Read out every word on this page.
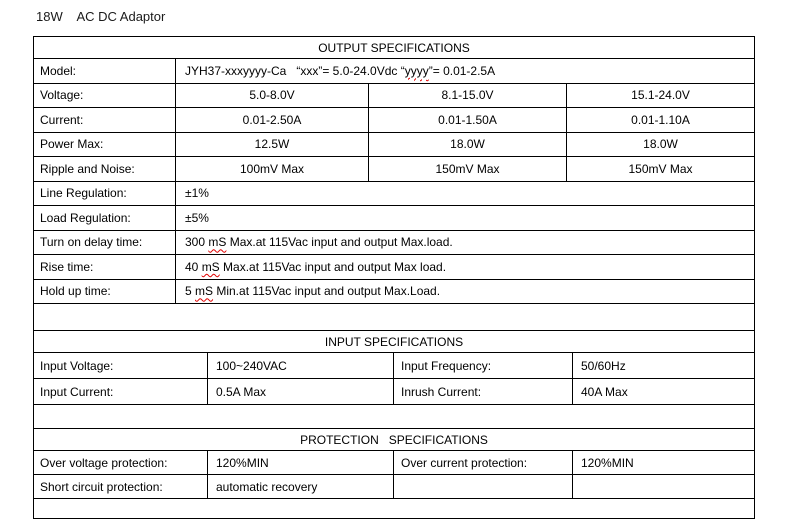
18W    AC DC Adaptor
OUTPUT SPECIFICATIONS
Model:	JYH37-xxxyyyy-Ca   “xxx”= 5.0-24.0Vdc “ yyyy ”= 0.01-2.5A
Voltage:	5.0-8.0V	8.1-15.0V	15.1-24.0V
Current:	0.01-2.50A	0.01-1.50A	0.01-1.10A
Power Max:	12.5W	18.0W	18.0W
Ripple and Noise:	100mV Max	150mV Max	150mV Max
Line Regulation:	±1%
Load Regulation:	±5%
Turn on delay time:	300 mS Max.at 115Vac input and output Max.load.
Rise time:	40 mS Max.at 115Vac input and output Max load.
Hold up time:	5 mS Min.at 115Vac input and output Max.Load.
INPUT SPECIFICATIONS
Input Voltage:	100~240VAC	Input Frequency:	50/60Hz
Input Current:	0.5A Max	Inrush Current:	40A Max
PROTECTION   SPECIFICATIONS
Over voltage protection:	120%MIN	Over current protection:	120%MIN
Short circuit protection:	automatic recovery
